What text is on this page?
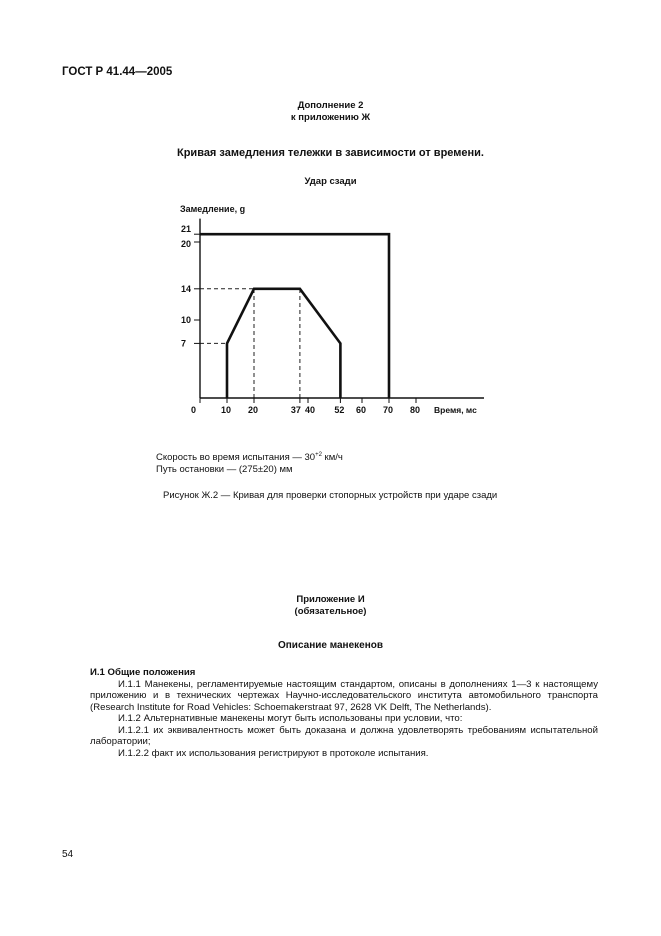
ГОСТ Р 41.44—2005
Дополнение 2
к приложению Ж
Кривая замедления тележки в зависимости от времени.
Удар сзади
7
10
14
20
21
0	10 20	37 40 52 60 70 80
Замедление, g
Время, мс
Скорость во время испытания — $30^{+2}$ км/ч
Путь остановки — (275±20) мм
Рисунок Ж.2 — Кривая для проверки стопорных устройств при ударе сзади
Приложение И
(обязательное)
Описание манекенов

И.1 Общие положения

И.1.1 Манекены, регламентируемые настоящим стандартом, описаны в дополнениях 1—3 к настоящему приложению и в технических чертежах Научно-исследовательского института автомобильного транспорта (Research Institute for Road Vehicles: Schoemakerstraat 97, 2628 VK Delft, The Netherlands).

И.1.2 Альтернативные манекены могут быть использованы при условии, что:

И.1.2.1 их эквивалентность может быть доказана и должна удовлетворять требованиям испытательной лаборатории;

И.1.2.2 факт их использования регистрируют в протоколе испытания.

54
